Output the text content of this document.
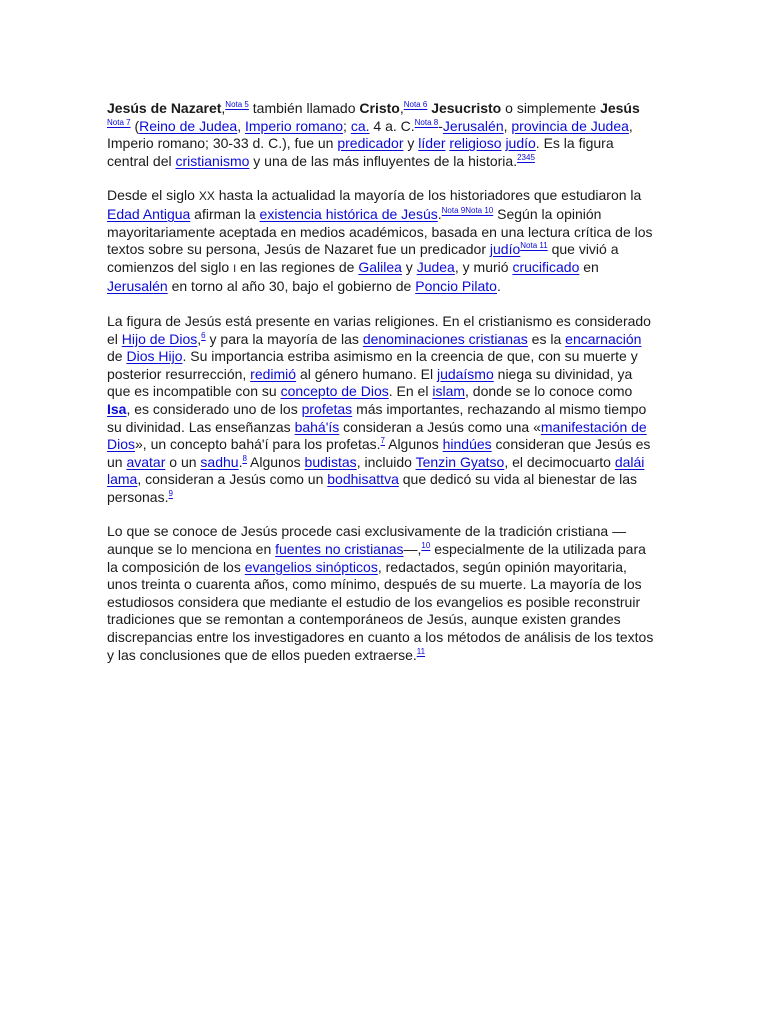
Jesús de Nazaret,$^{Nota 5}$ también llamado Cristo,$^{Nota 6}$ Jesucristo o simplemente Jesús $^{Nota 7}$ (Reino de Judea, Imperio romano; ca. 4 a. C.$^{Nota 8}$-Jerusalén, provincia de Judea, Imperio romano; 30-33 d. C.), fue un predicador y líder religioso judío. Es la figura central del cristianismo y una de las más influyentes de la historia.$^{2345}$

Desde el siglo XX hasta la actualidad la mayoría de los historiadores que estudiaron la Edad Antigua afirman la existencia histórica de Jesús.$^{Nota 9Nota 10}$ Según la opinión mayoritariamente aceptada en medios académicos, basada en una lectura crítica de los textos sobre su persona, Jesús de Nazaret fue un predicador judío$^{Nota 11}$ que vivió a comienzos del siglo I en las regiones de Galilea y Judea, y murió crucificado en Jerusalén en torno al año 30, bajo el gobierno de Poncio Pilato.

La figura de Jesús está presente en varias religiones. En el cristianismo es considerado el Hijo de Dios,$^6$ y para la mayoría de las denominaciones cristianas es la encarnación de Dios Hijo. Su importancia estriba asimismo en la creencia de que, con su muerte y posterior resurrección, redimió al género humano. El judaísmo niega su divinidad, ya que es incompatible con su concepto de Dios. En el islam, donde se lo conoce como Isa, es considerado uno de los profetas más importantes, rechazando al mismo tiempo su divinidad. Las enseñanzas bahá'ís consideran a Jesús como una «manifestación de Dios», un concepto bahá'í para los profetas.$^7$ Algunos hindúes consideran que Jesús es un avatar o un sadhu.$^8$ Algunos budistas, incluido Tenzin Gyatso, el decimocuarto dalái lama, consideran a Jesús como un bodhisattva que dedicó su vida al bienestar de las personas.$^9$

Lo que se conoce de Jesús procede casi exclusivamente de la tradición cristiana —aunque se lo menciona en fuentes no cristianas—,$^{10}$ especialmente de la utilizada para la composición de los evangelios sinópticos, redactados, según opinión mayoritaria, unos treinta o cuarenta años, como mínimo, después de su muerte. La mayoría de los estudiosos considera que mediante el estudio de los evangelios es posible reconstruir tradiciones que se remontan a contemporáneos de Jesús, aunque existen grandes discrepancias entre los investigadores en cuanto a los métodos de análisis de los textos y las conclusiones que de ellos pueden extraerse.$^{11}$
